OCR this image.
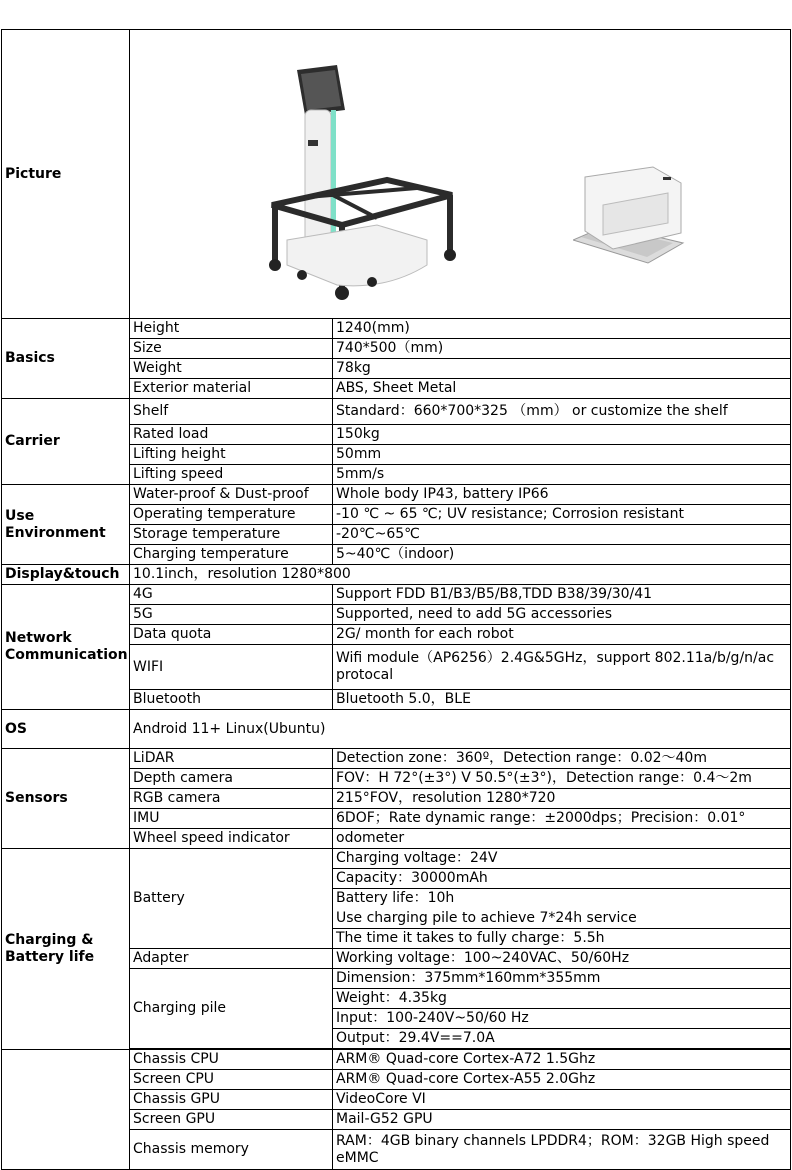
Picture	

Basics	Height	1240(mm)
	Size	740*500（mm)
	Weight	78kg
	Exterior material	ABS, Sheet Metal
Carrier	Shelf	Standard：660*700*325 （mm） or customize the shelf
	Rated load	150kg
	Lifting height	50mm
	Lifting speed	5mm/s

Use
Environment	Water-proof & Dust-proof	Whole body IP43, battery IP66
	Operating temperature	-10 ℃ ~ 65 ℃; UV resistance; Corrosion resistant
	Storage temperature	-20℃~65℃
	Charging temperature	5~40℃（indoor)
Display&touch	10.1inch，resolution 1280*800	

Network
Communication	4G	Support FDD B1/B3/B5/B8,TDD B38/39/30/41
	5G	Supported, need to add 5G accessories
	Data quota	2G/ month for each robot
	WIFI	Wifi module（AP6256）2.4G&5GHz，support 802.11a/b/g/n/ac protocal
	Bluetooth	Bluetooth 5.0，BLE
OS	Android 11+ Linux(Ubuntu)	
Sensors	LiDAR	Detection zone：360º，Detection range：0.02～40m
	Depth camera	FOV：H 72°(±3°) V 50.5°(±3°)，Detection range：0.4～2m
	RGB camera	215°FOV，resolution 1280*720
	IMU	6DOF；Rate dynamic range：±2000dps；Precision：0.01°
	Wheel speed indicator	odometer

Charging &
Battery life	Battery	Charging voltage：24V
		Capacity：30000mAh
		Battery life：10h
		Use charging pile to achieve 7*24h service
		The time it takes to fully charge：5.5h
	Adapter	Working voltage：100~240VAC、50/60Hz
	Charging pile	Dimension：375mm*160mm*355mm
		Weight：4.35kg
		Input：100-240V~50/60 Hz
		Output：29.4V==7.0A

	Chassis CPU	ARM® Quad-core Cortex-A72 1.5Ghz
	Screen CPU	ARM® Quad-core Cortex-A55 2.0Ghz
	Chassis GPU	VideoCore VI
	Screen GPU	Mail-G52 GPU
	Chassis memory	RAM：4GB binary channels LPDDR4；ROM：32GB High speed eMMC
